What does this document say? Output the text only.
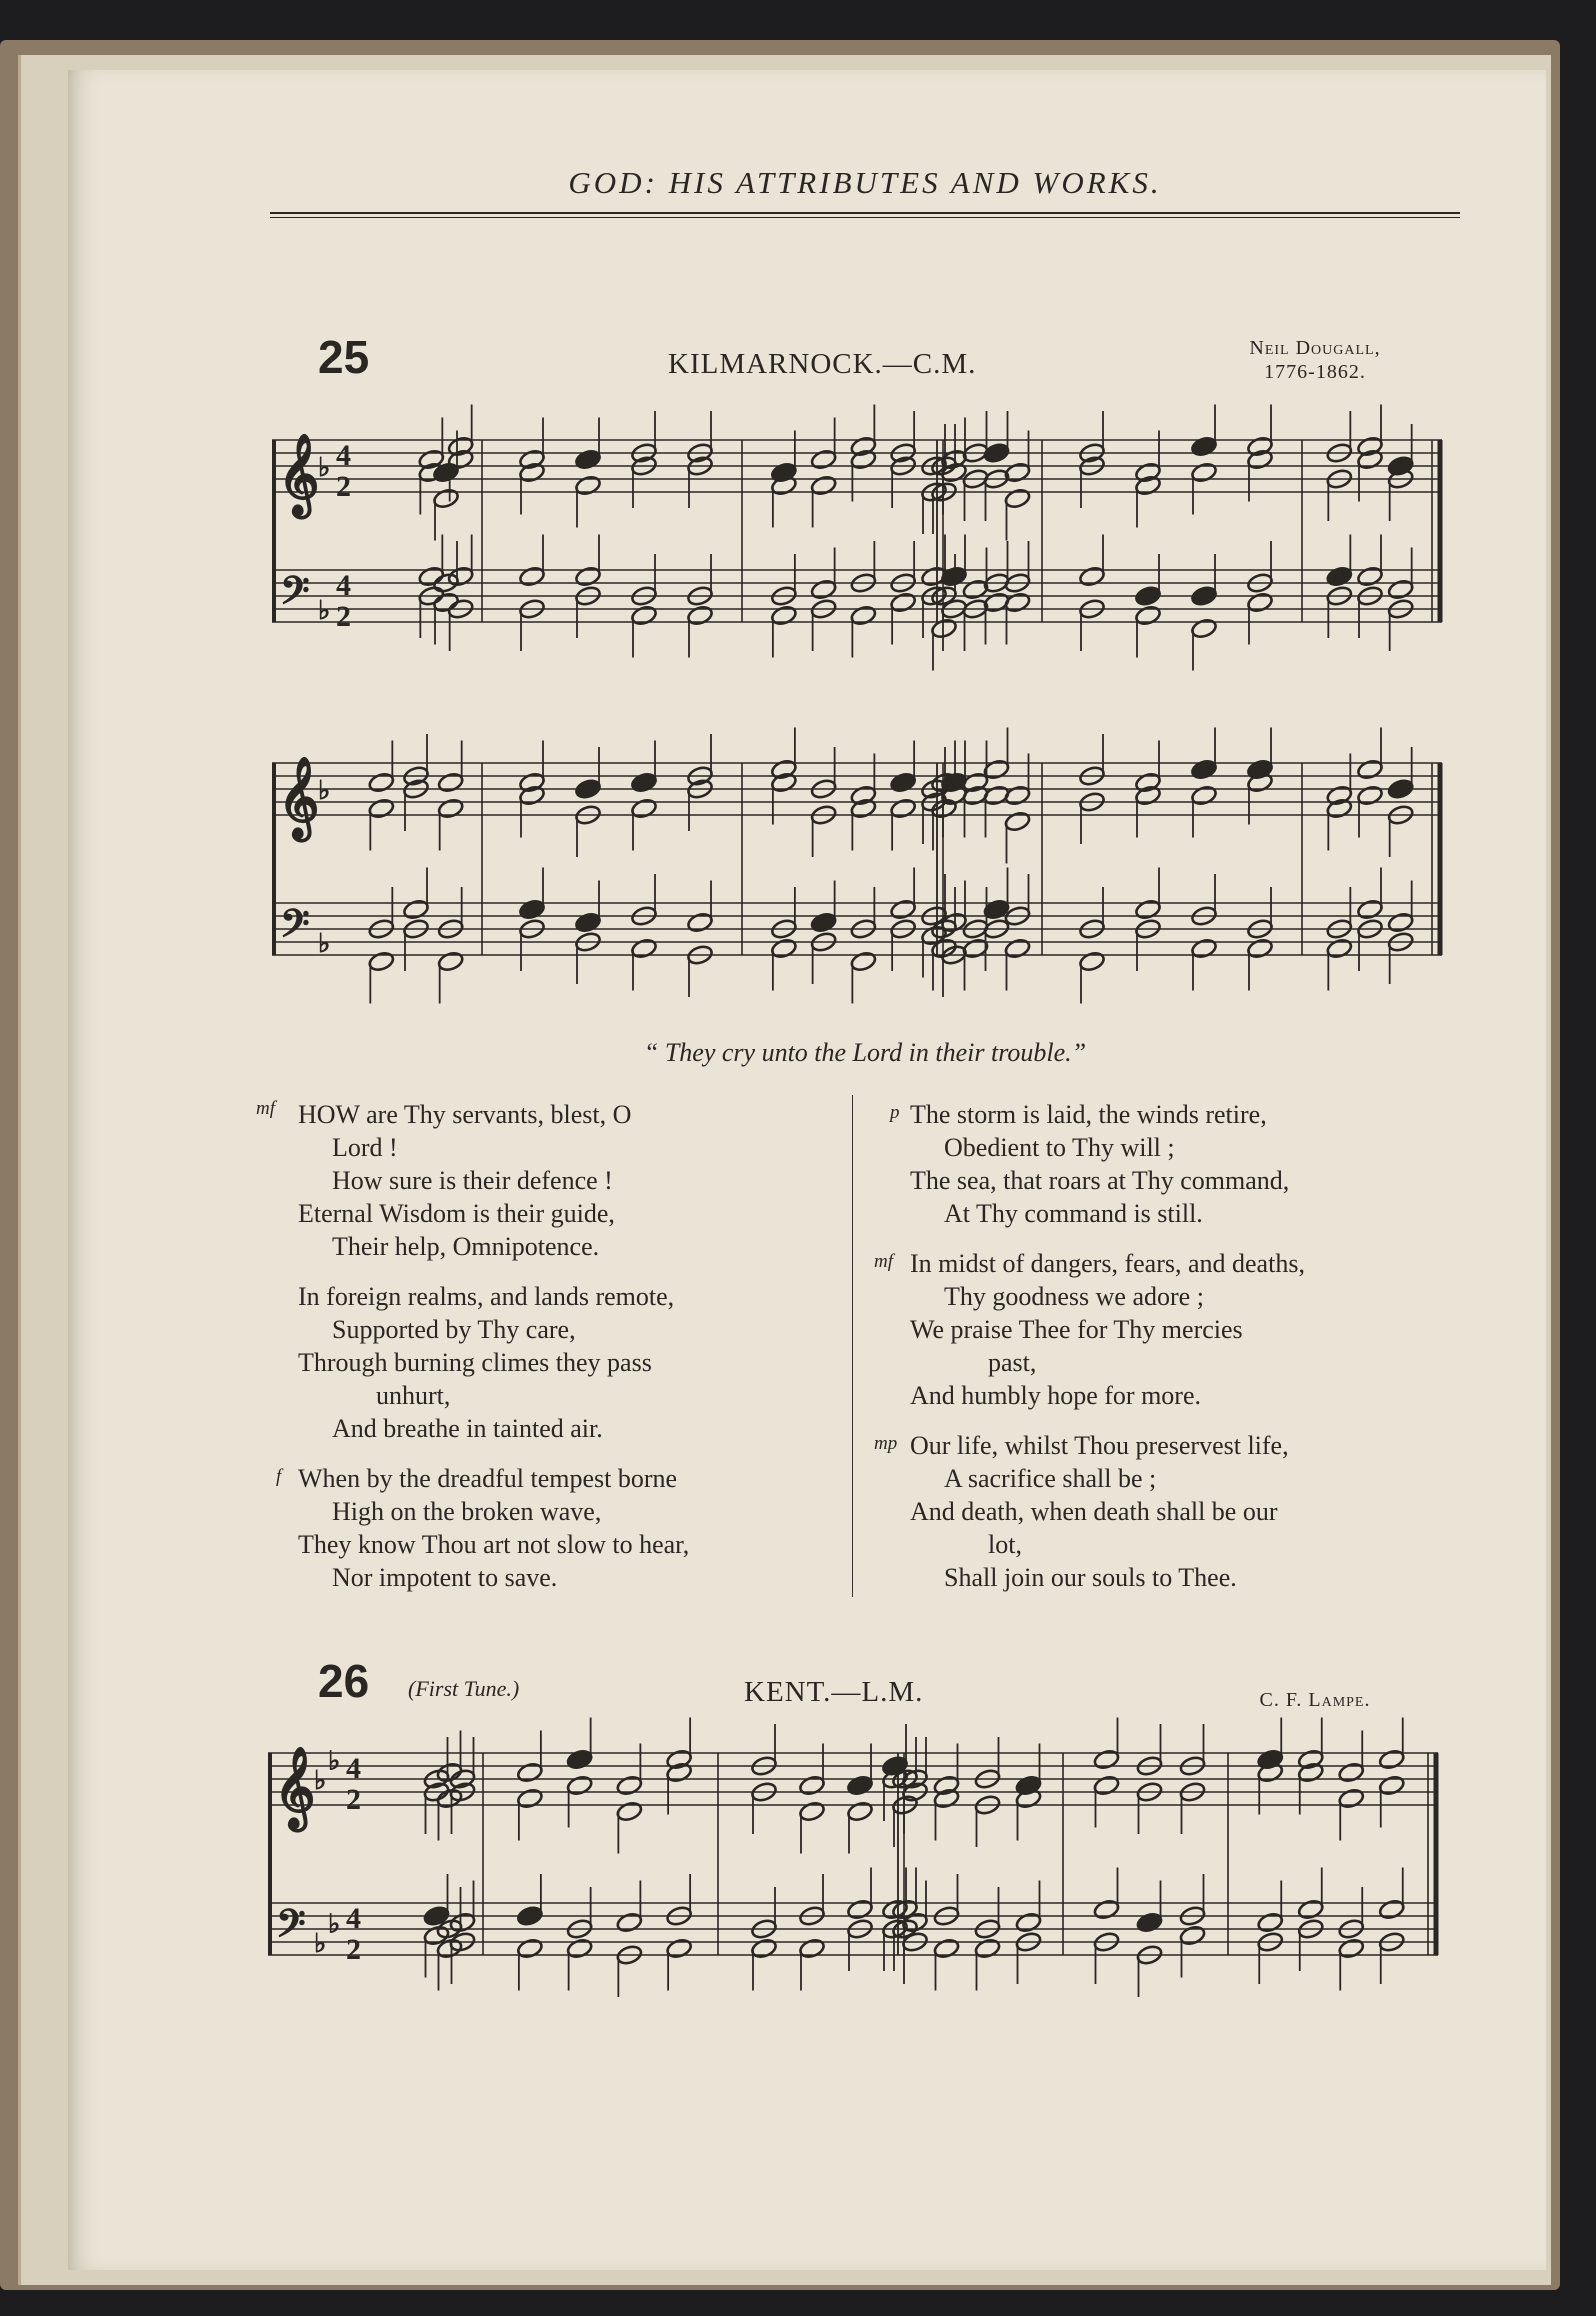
GOD: HIS ATTRIBUTES AND WORKS.
25	KILMARNOCK.—C.M.	Neil Dougall,
1776-1862.
𝄞
𝄢
♭
♭
4
2
4
2
𝄞
𝄢
♭
♭
“ They cry unto the Lord in their trouble.”
mf HOW are Thy servants, blest, O
Lord !
How sure is their defence !
Eternal Wisdom is their guide,
Their help, Omnipotence.
In foreign realms, and lands remote,
Supported by Thy care,
Through burning climes they pass
unhurt,
And breathe in tainted air.
f When by the dreadful tempest borne
High on the broken wave,
They know Thou art not slow to hear,
Nor impotent to save.
p The storm is laid, the winds retire,
Obedient to Thy will ;
The sea, that roars at Thy command,
At Thy command is still.
mf In midst of dangers, fears, and deaths,
Thy goodness we adore ;
We praise Thee for Thy mercies
past,
And humbly hope for more.
mp Our life, whilst Thou preservest life,
A sacrifice shall be ;
And death, when death shall be our
lot,
Shall join our souls to Thee.
26 (First Tune.)	KENT.—L.M.	C. F. Lampe.
𝄞
𝄢
♭
♭
♭
♭
4
2
4
2
